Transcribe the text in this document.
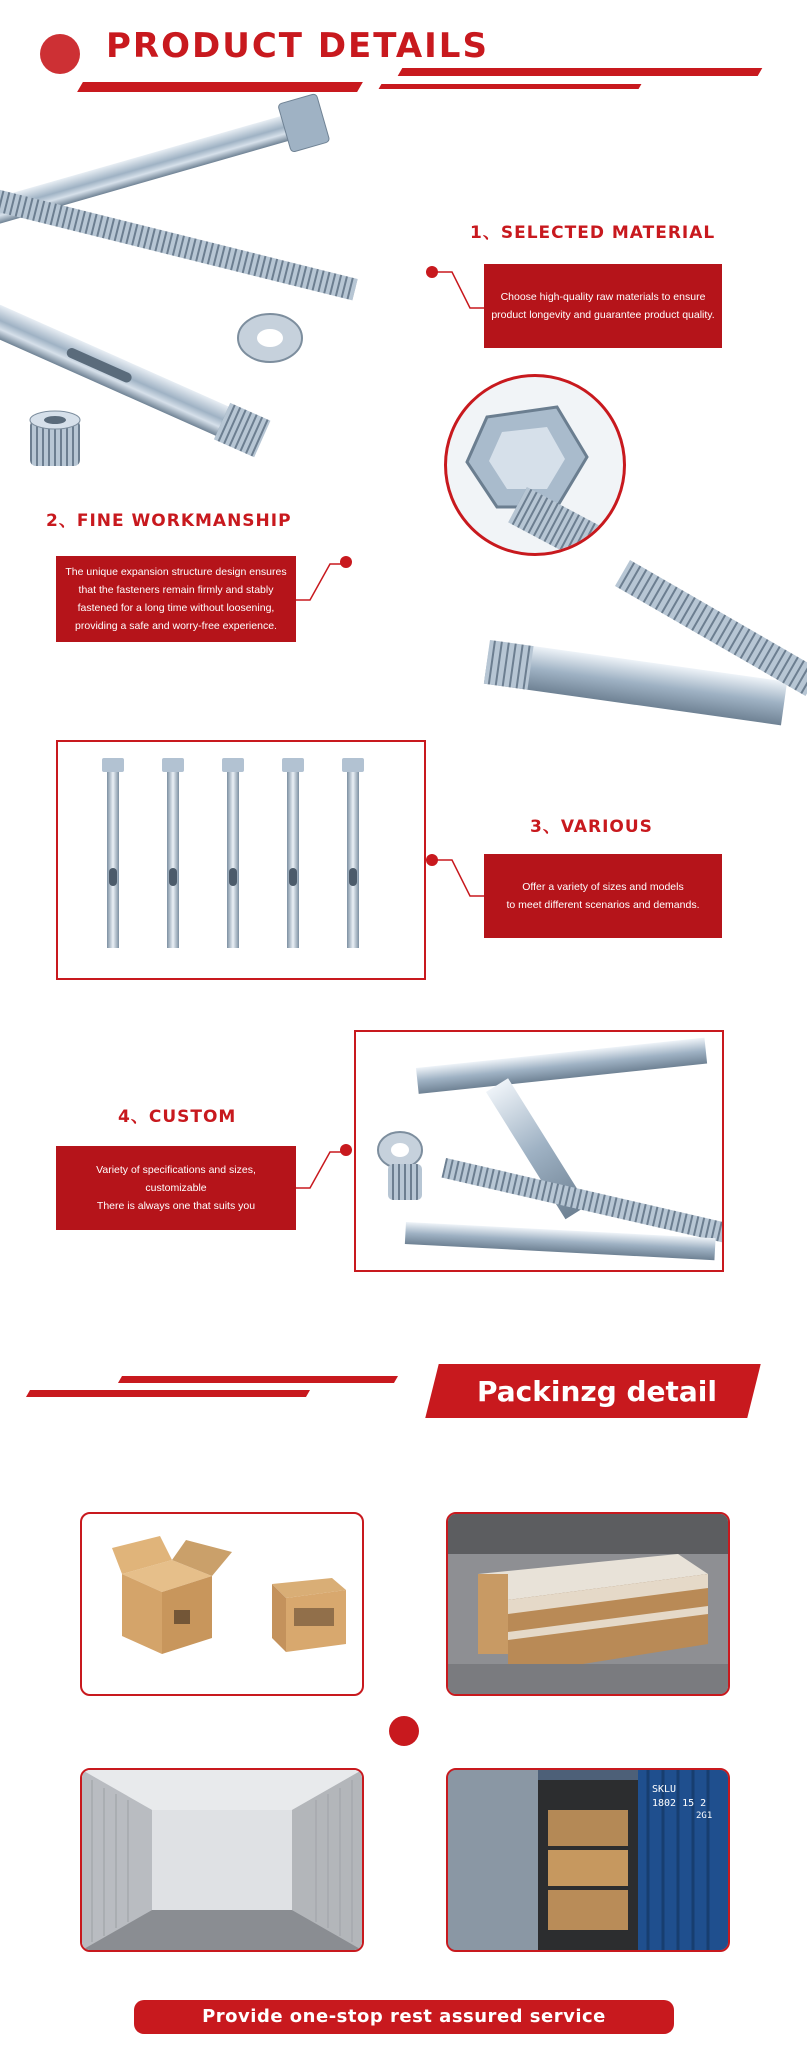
PRODUCT DETAILS
1、SELECTED MATERIAL
Choose high-quality raw materials to ensure
product longevity and guarantee product quality.
2、FINE WORKMANSHIP
The unique expansion structure design ensures
that the fasteners remain firmly and stably
fastened for a long time without loosening,
providing a safe and worry-free experience.
3、VARIOUS
Offer a variety of sizes and models
to meet different scenarios and demands.
4、CUSTOM
Variety of specifications and sizes,
customizable
There is always one that suits you
Packinzg detail
SKLU
1802 15 2
2G1
Provide one-stop rest assured service
